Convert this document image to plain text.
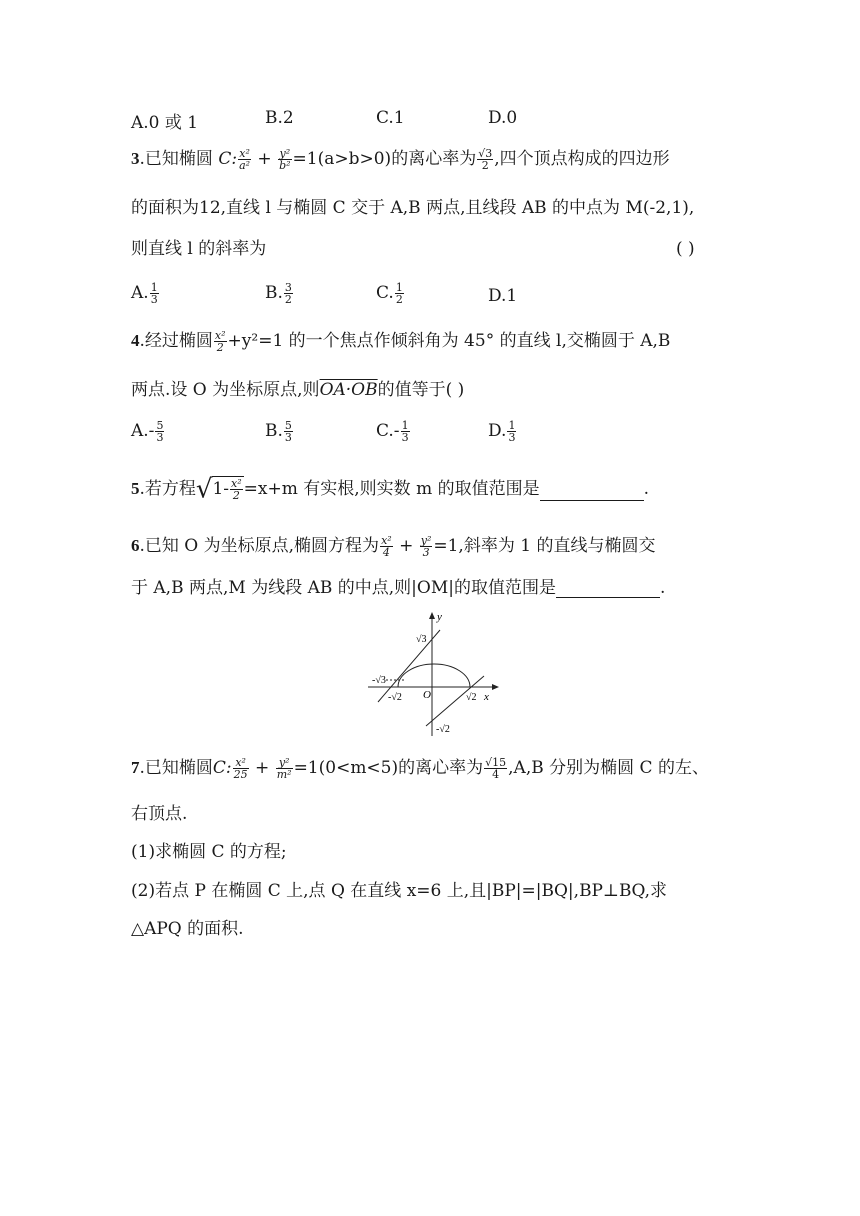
A.0 或 1	B.2	C.1	D.0
3.已知椭圆 C: $\frac{\text{x²}}{\text{a²}} + \frac{\text{y²}}{\text{b²}} =1(a>b>0)$的离心率为 $\frac{√3}{2}$ ,四个顶点构成的四边形
的面积为12,直线 l 与椭圆 C 交于 A,B 两点,且线段 AB 的中点为 M(-2,1),
则直线 l 的斜率为	( )
A. $\frac{1}{3}$	B. $\frac{3}{2}$	C. $\frac{1}{2}$	D.1
4.经过椭圆 $\frac{\text{x²}}{2} +y^2=1$ 的一个焦点作倾斜角为 45° 的直线 l,交椭圆于 A,B
两点.设 O 为坐标原点,则OA·OB的值等于( )
$A.- \frac{5}{3}$	B. $\frac{5}{3}$	$C.- \frac{1}{3}$	D. $\frac{1}{3}$
5.若方程$√1- \frac{\text{x²}}{2} =x+m$ 有实根,则实数 m 的取值范围是	.
6.已知 O 为坐标原点,椭圆方程为 $\frac{\text{x²}}{4} + \frac{\text{y²}}{3} =1$,斜率为 1 的直线与椭圆交
于 A,B 两点,M 为线段 AB 的中点,则|OM|的取值范围是	.
y
x
O
√3
-√3
-√2	√2
-√2
7.已知椭圆C: $\frac{\text{x²}}{25} + \frac{\text{y²}}{\text{m²}} =1(0<m<5)$的离心率为 $\frac{√15}{4} ,A,B$ 分别为椭圆 C 的左、
右顶点.
(1)求椭圆 C 的方程;
(2)若点 P 在椭圆 C 上,点 Q 在直线 x=6 上,且|BP|=|BQ|,BP⊥BQ,求
△APQ 的面积.
